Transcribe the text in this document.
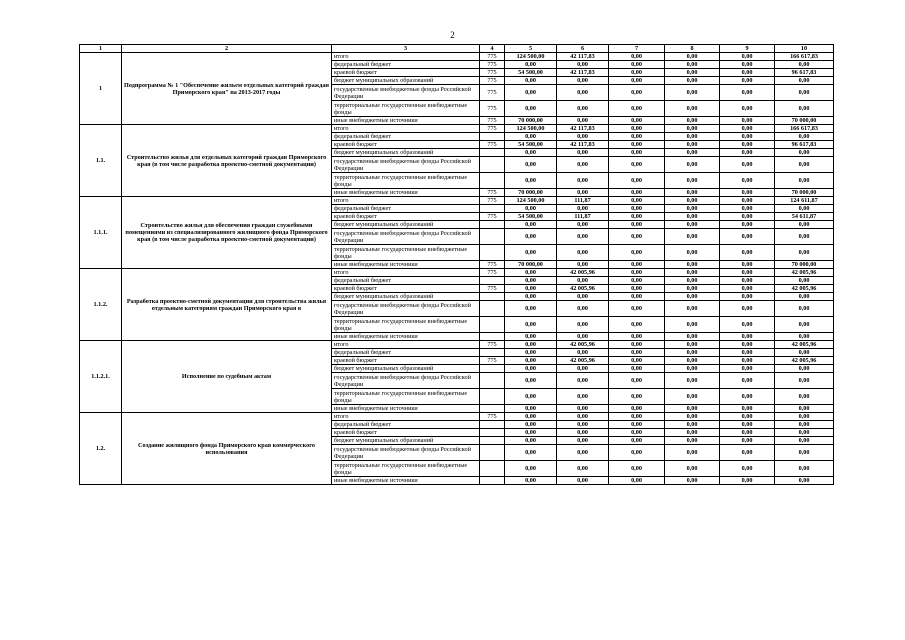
2
1	2	3	4	5	6	7	8	9	10
1	Подпрограмма № 1 "Обеспечение жильем отдельных категорий граждан Приморского края" на 2013-2017 годы	итого	775	124 500,00	42 117,83	0,00	0,00	0,00	166 617,83
		федеральный бюджет	775	0,00	0,00	0,00	0,00	0,00	0,00
		краевой бюджет	775	54 500,00	42 117,83	0,00	0,00	0,00	96 617,83
		бюджет муниципальных образований	775	0,00	0,00	0,00	0,00	0,00	0,00
		государственные внебюджетные фонды Российской Федерации	775	0,00	0,00	0,00	0,00	0,00	0,00
		территориальные государственные внебюджетные фонды	775	0,00	0,00	0,00	0,00	0,00	0,00
		иные внебюджетные источники	775	70 000,00	0,00	0,00	0,00	0,00	70 000,00
1.1.	Строительство жилья для отдельных категорий граждан Приморского края (в том числе разработка проектно-сметной документации)	итого	775	124 500,00	42 117,83	0,00	0,00	0,00	166 617,83
		федеральный бюджет		0,00	0,00	0,00	0,00	0,00	0,00
		краевой бюджет	775	54 500,00	42 117,83	0,00	0,00	0,00	96 617,83
		бюджет муниципальных образований		0,00	0,00	0,00	0,00	0,00	0,00
		государственные внебюджетные фонды Российской Федерации		0,00	0,00	0,00	0,00	0,00	0,00
		территориальные государственные внебюджетные фонды		0,00	0,00	0,00	0,00	0,00	0,00
		иные внебюджетные источники	775	70 000,00	0,00	0,00	0,00	0,00	70 000,00
1.1.1.	Строительство жилья для обеспечения граждан служебными помещениями из специализированного жилищного фонда Приморского края (в том числе разработка проектно-сметной документации)	итого	775	124 500,00	111,87	0,00	0,00	0,00	124 611,87
		федеральный бюджет		0,00	0,00	0,00	0,00	0,00	0,00
		краевой бюджет	775	54 500,00	111,87	0,00	0,00	0,00	54 611,87
		бюджет муниципальных образований		0,00	0,00	0,00	0,00	0,00	0,00
		государственные внебюджетные фонды Российской Федерации		0,00	0,00	0,00	0,00	0,00	0,00
		территориальные государственные внебюджетные фонды		0,00	0,00	0,00	0,00	0,00	0,00
		иные внебюджетные источники	775	70 000,00	0,00	0,00	0,00	0,00	70 000,00
1.1.2.	Разработка проектно-сметной документации для строительства жилья отдельным категориям граждан Приморского края в	итого	775	0,00	42 005,96	0,00	0,00	0,00	42 005,96
		федеральный бюджет		0,00	0,00	0,00	0,00	0,00	0,00
		краевой бюджет	775	0,00	42 005,96	0,00	0,00	0,00	42 005,96
		бюджет муниципальных образований		0,00	0,00	0,00	0,00	0,00	0,00
		государственные внебюджетные фонды Российской Федерации		0,00	0,00	0,00	0,00	0,00	0,00
		территориальные государственные внебюджетные фонды		0,00	0,00	0,00	0,00	0,00	0,00
		иные внебюджетные источники		0,00	0,00	0,00	0,00	0,00	0,00
1.1.2.1.	Исполнение по судебным актам	итого	775	0,00	42 005,96	0,00	0,00	0,00	42 005,96
		федеральный бюджет		0,00	0,00	0,00	0,00	0,00	0,00
		краевой бюджет	775	0,00	42 005,96	0,00	0,00	0,00	42 005,96
		бюджет муниципальных образований		0,00	0,00	0,00	0,00	0,00	0,00
		государственные внебюджетные фонды Российской Федерации		0,00	0,00	0,00	0,00	0,00	0,00
		территориальные государственные внебюджетные фонды		0,00	0,00	0,00	0,00	0,00	0,00
		иные внебюджетные источники		0,00	0,00	0,00	0,00	0,00	0,00
1.2.	Создание жилищного фонда Приморского края коммерческого использования	итого	775	0,00	0,00	0,00	0,00	0,00	0,00
		федеральный бюджет		0,00	0,00	0,00	0,00	0,00	0,00
		краевой бюджет		0,00	0,00	0,00	0,00	0,00	0,00
		бюджет муниципальных образований		0,00	0,00	0,00	0,00	0,00	0,00
		государственные внебюджетные фонды Российской Федерации		0,00	0,00	0,00	0,00	0,00	0,00
		территориальные государственные внебюджетные фонды		0,00	0,00	0,00	0,00	0,00	0,00
		иные внебюджетные источники		0,00	0,00	0,00	0,00	0,00	0,00
